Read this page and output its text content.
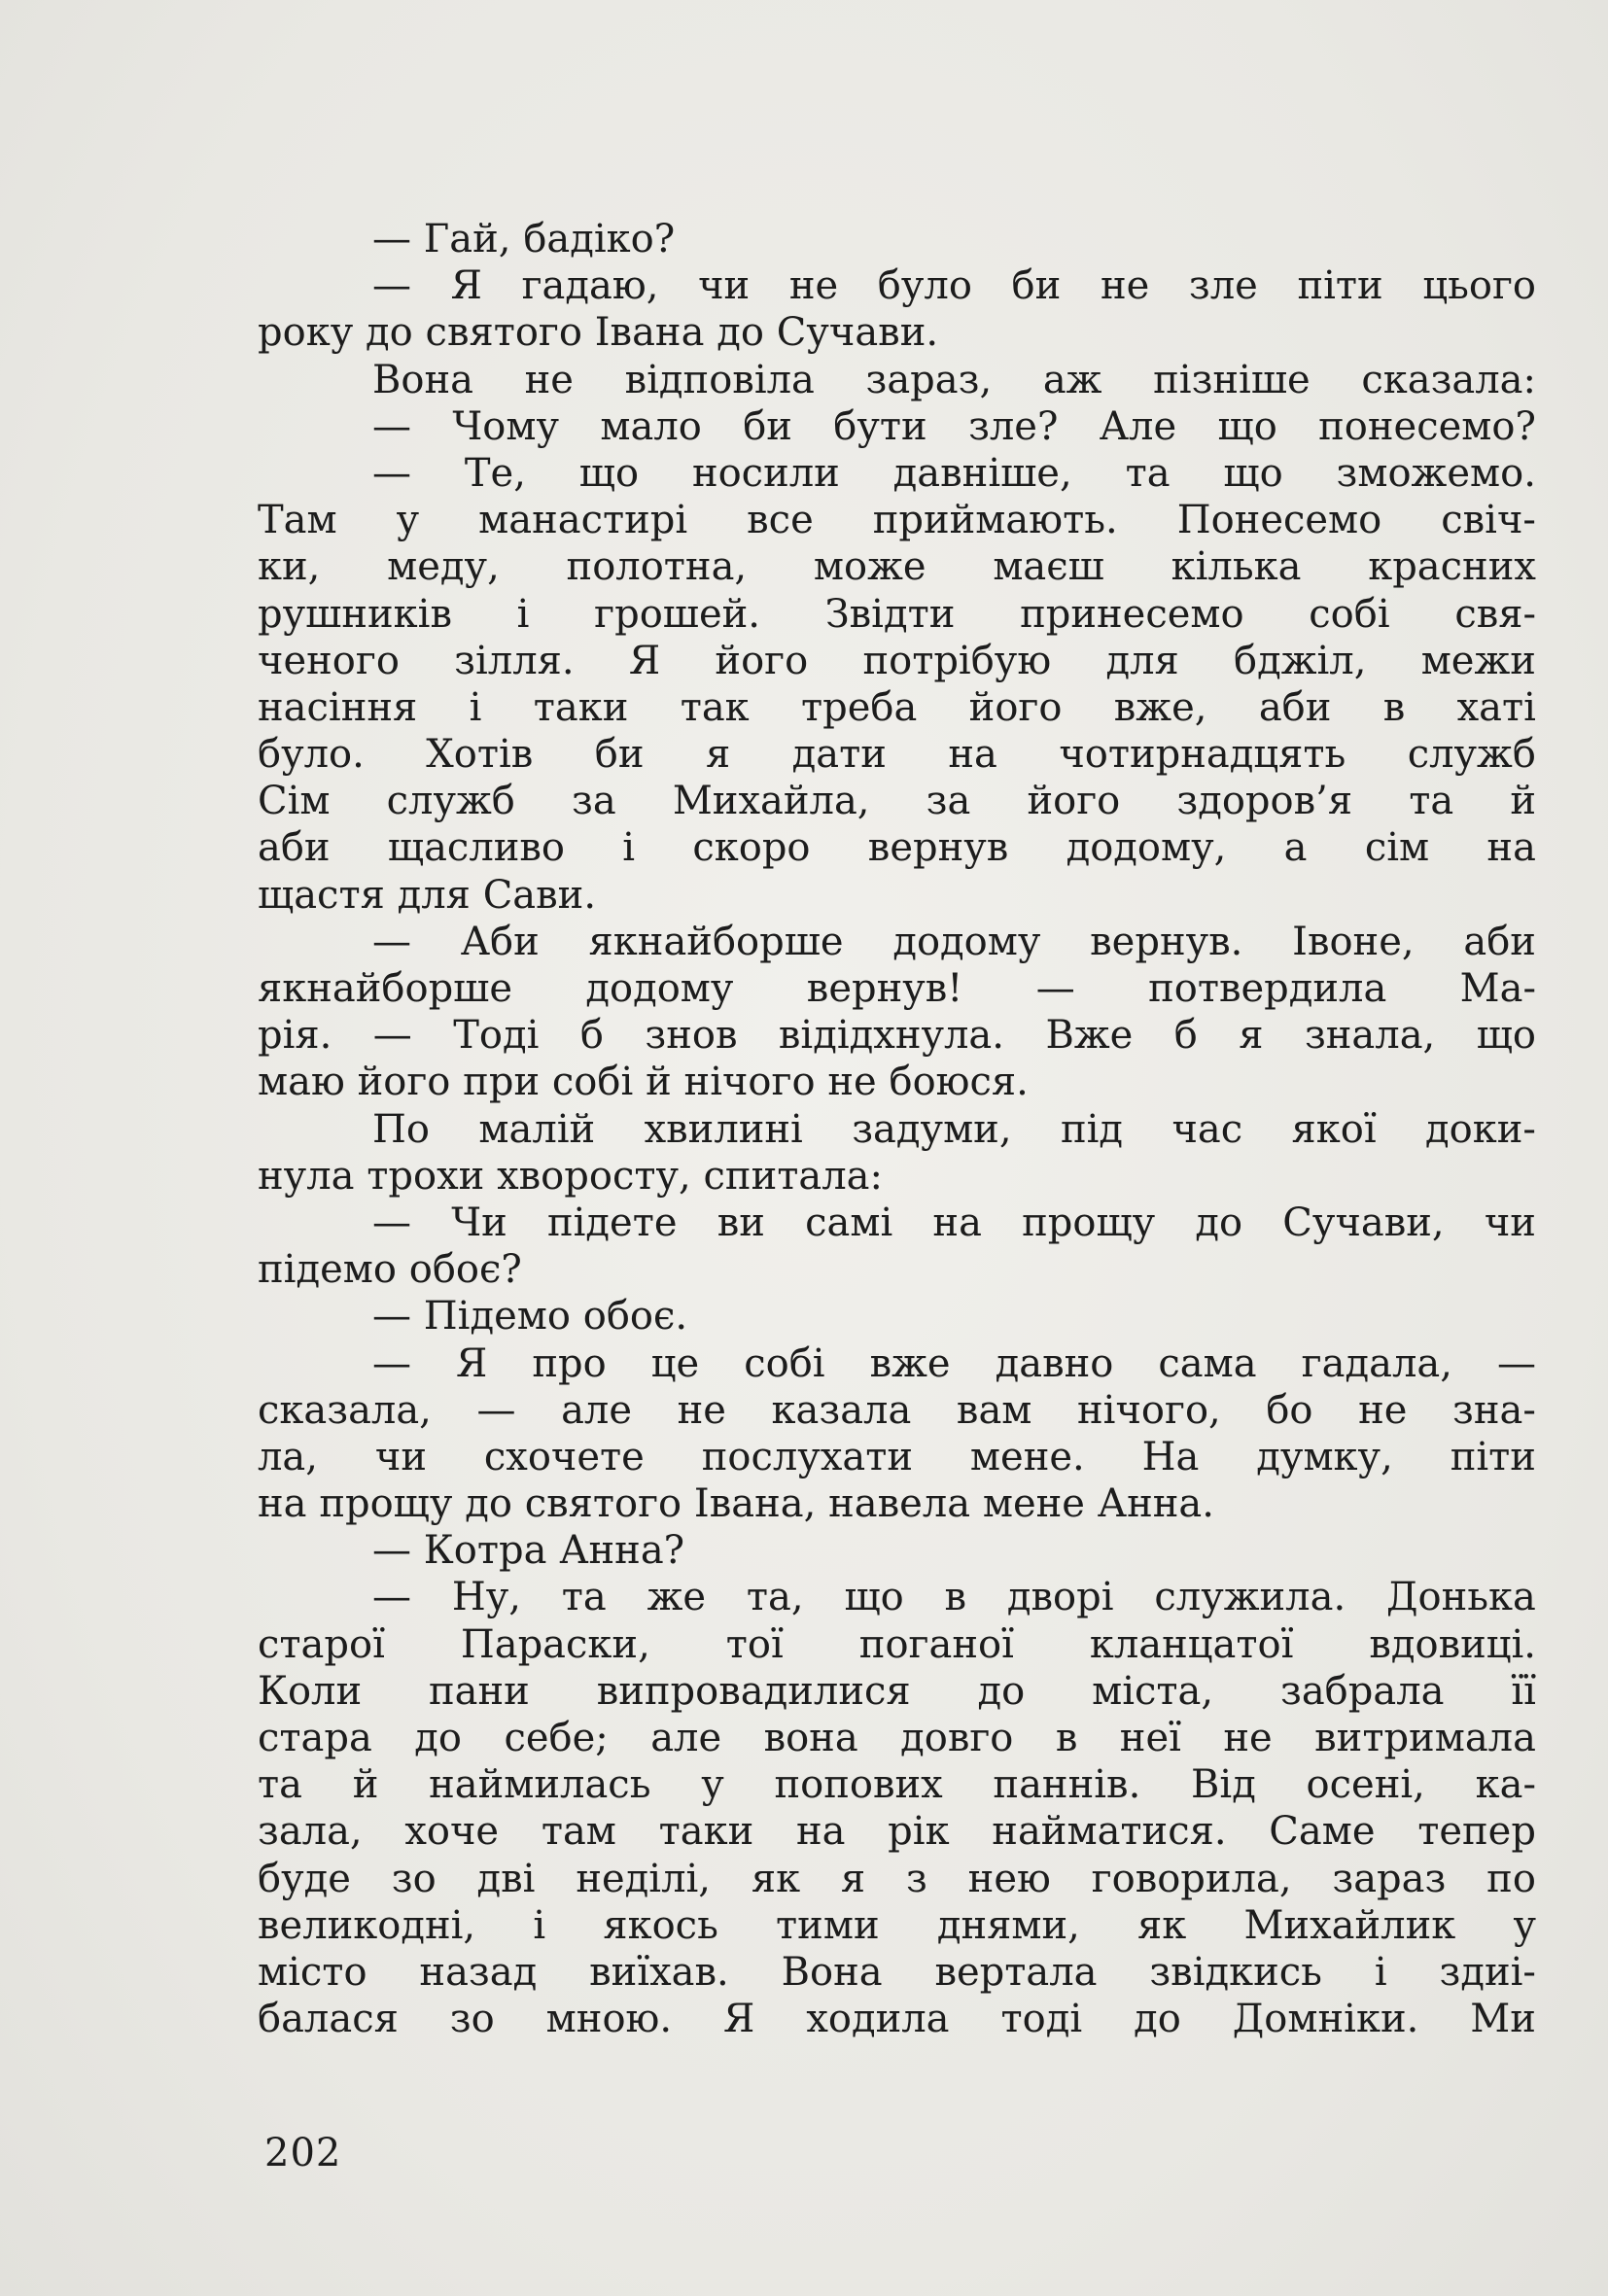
— Гай, бадіко?
— Я гадаю, чи не було би не зле піти цього
року до святого Івана до Сучави.
Вона не відповіла зараз, аж пізніше сказала:
— Чому мало би бути зле? Але що понесемо?
— Те, що носили давніше, та що зможемо.
Там у манастирі все приймають. Понесемо свіч-
ки, меду, полотна, може маєш кілька красних
рушників і грошей. Звідти принесемо собі свя-
ченого зілля. Я його потрібую для бджіл, межи
насіння і таки так треба його вже, аби в хаті
було. Хотів би я дати на чотирнадцять служб
Сім служб за Михайла, за його здоров’я та й
аби щасливо і скоро вернув додому, а сім на
щастя для Сави.
— Аби якнайборше додому вернув. Івоне, аби
якнайборше додому вернув! — потвердила Ма-
рія. — Тоді б знов відідхнула. Вже б я знала, що
маю його при собі й нічого не боюся.
По малій хвилині задуми, під час якої доки-
нула трохи хворосту, спитала:
— Чи підете ви самі на прощу до Сучави, чи
підемо обоє?
— Підемо обоє.
— Я про це собі вже давно сама гадала, —
сказала, — але не казала вам нічого, бо не зна-
ла, чи схочете послухати мене. На думку, піти
на прощу до святого Івана, навела мене Анна.
— Котра Анна?
— Ну, та же та, що в дворі служила. Донька
старої Параски, тої поганої кланцатої вдовиці.
Коли пани випровадилися до міста, забрала її
стара до себе; але вона довго в неї не витримала
та й наймилась у попових паннів. Від осені, ка-
зала, хоче там таки на рік найматися. Саме тепер
буде зо дві неділі, як я з нею говорила, зараз по
великодні, і якось тими днями, як Михайлик у
місто назад виїхав. Вона вертала звідкись і здиі-
балася зо мною. Я ходила тоді до Домніки. Ми
202
